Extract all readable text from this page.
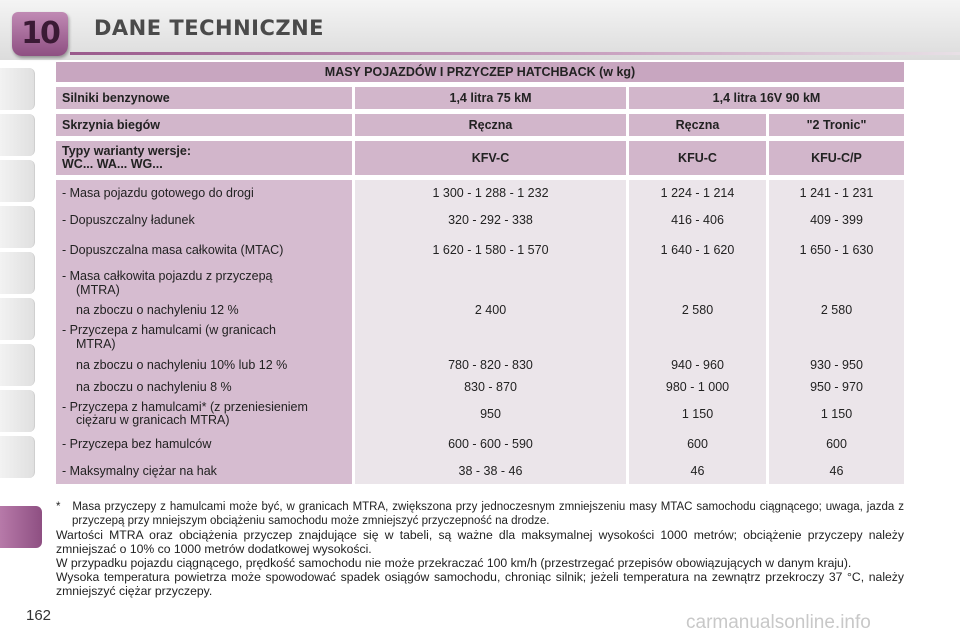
10	DANE TECHNICZNE
MASY POJAZDÓW I PRZYCZEP HATCHBACK (w kg)			

Silniki benzynowe	1,4 litra 75 kM	1,4 litra 16V 90 kM	

Skrzynia biegów	Ręczna	Ręczna	"2 Tronic"

Typy warianty wersje:
WC... WA... WG...	KFV-C	KFU-C	KFU-C/P

- Masa pojazdu gotowego do drogi	1 300 - 1 288 - 1 232	1 224 - 1 214	1 241 - 1 231
- Dopuszczalny ładunek	320 - 292 - 338	416 - 406	409 - 399
- Dopuszczalna masa całkowita (MTAC)	1 620 - 1 580 - 1 570	1 640 - 1 620	1 650 - 1 630
- Masa całkowita pojazdu z przyczepą
(MTRA)			
na zboczu o nachyleniu 12 %	2 400	2 580	2 580
- Przyczepa z hamulcami (w granicach
MTRA)			
na zboczu o nachyleniu 10% lub 12 %	780 - 820 - 830	940 - 960	930 - 950
na zboczu o nachyleniu 8 %	830 - 870	980 - 1 000	950 - 970
- Przyczepa z hamulcami* (z przeniesieniem
ciężaru w granicach MTRA)	950	1 150	1 150
- Przyczepa bez hamulców	600 - 600 - 590	600	600
- Maksymalny ciężar na hak	38 - 38 - 46	46	46

* Masa przyczepy z hamulcami może być, w granicach MTRA, zwiększona przy jednoczesnym zmniejszeniu masy MTAC samochodu ciągnącego; uwaga, jazda z przyczepą przy mniejszym obciążeniu samochodu może zmniejszyć przyczepność na drodze.

Wartości MTRA oraz obciążenia przyczep znajdujące się w tabeli, są ważne dla maksymalnej wysokości 1000 metrów; obciążenie przyczepy należy zmniejszać o 10% co 1000 metrów dodatkowej wysokości.

W przypadku pojazdu ciągnącego, prędkość samochodu nie może przekraczać 100 km/h (przestrzegać przepisów obowiązujących w danym kraju).

Wysoka temperatura powietrza może spowodować spadek osiągów samochodu, chroniąc silnik; jeżeli temperatura na zewnątrz przekroczy 37 °C, należy zmniejszyć ciężar przyczepy.

162	carmanualsonline.info
